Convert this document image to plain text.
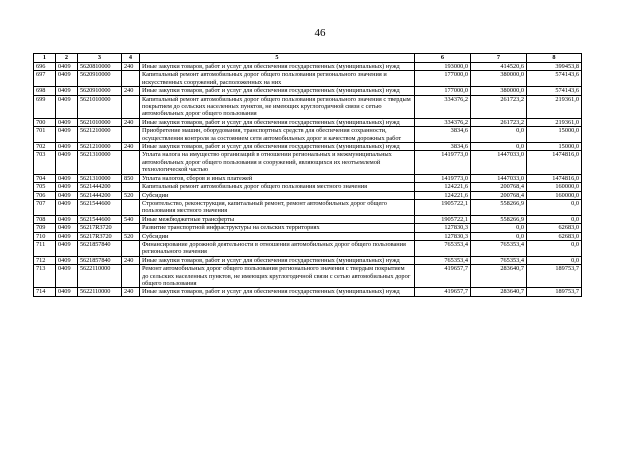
46
1	2	3	4	5	6	7	8
696	0409	5620810000	240	Иные закупки товаров, работ и услуг для обеспечения государственных (муниципальных) нужд	193000,0	414520,6	399453,8
697	0409	5620910000		Капитальный ремонт автомобильных дорог общего пользования регионального значения и искусственных сооружений, расположенных на них	177000,0	380000,0	574143,6
698	0409	5620910000	240	Иные закупки товаров, работ и услуг для обеспечения государственных (муниципальных) нужд	177000,0	380000,0	574143,6
699	0409	5621010000		Капитальный ремонт автомобильных дорог общего пользования регионального значения с твердым покрытием до сельских населенных пунктов, не имеющих круглогодичной связи с сетью автомобильных дорог общего пользования	334376,2	261723,2	219361,0
700	0409	5621010000	240	Иные закупки товаров, работ и услуг для обеспечения государственных (муниципальных) нужд	334376,2	261723,2	219361,0
701	0409	5621210000		Приобретение машин, оборудования, транспортных средств для обеспечения сохранности, осуществления контроля за состоянием сети автомобильных дорог и качеством дорожных работ	3834,6	0,0	15000,0
702	0409	5621210000	240	Иные закупки товаров, работ и услуг для обеспечения государственных (муниципальных) нужд	3834,6	0,0	15000,0
703	0409	5621310000		Уплата налога на имущество организаций в отношении региональных и межмуниципальных автомобильных дорог общего пользования и сооружений, являющихся их неотъемлемой технологической частью	1419773,0	1447033,0	1474816,0
704	0409	5621310000	850	Уплата налогов, сборов и иных платежей	1419773,0	1447033,0	1474816,0
705	0409	5621444200		Капитальный ремонт автомобильных дорог общего пользования местного значения	124221,6	200768,4	160000,0
706	0409	5621444200	520	Субсидии	124221,6	200768,4	160000,0
707	0409	5621544600		Строительство, реконструкция, капитальный ремонт, ремонт автомобильных дорог общего пользования местного значения	1905722,1	558266,9	0,0
708	0409	5621544600	540	Иные межбюджетные трансферты	1905722,1	558266,9	0,0
709	0409	56217R3720		Развитие транспортной инфраструктуры на сельских территориях	127830,3	0,0	62683,0
710	0409	56217R3720	520	Субсидии	127830,3	0,0	62683,0
711	0409	5621857840		Финансирование дорожной деятельности в отношении автомобильных дорог общего пользования регионального значения	765353,4	765353,4	0,0
712	0409	5621857840	240	Иные закупки товаров, работ и услуг для обеспечения государственных (муниципальных) нужд	765353,4	765353,4	0,0
713	0409	5622110000		Ремонт автомобильных дорог общего пользования регионального значения с твердым покрытием до сельских населенных пунктов, не имеющих круглогодичной связи с сетью автомобильных дорог общего пользования	419657,7	283640,7	189753,7
714	0409	5622110000	240	Иные закупки товаров, работ и услуг для обеспечения государственных (муниципальных) нужд	419657,7	283640,7	189753,7
